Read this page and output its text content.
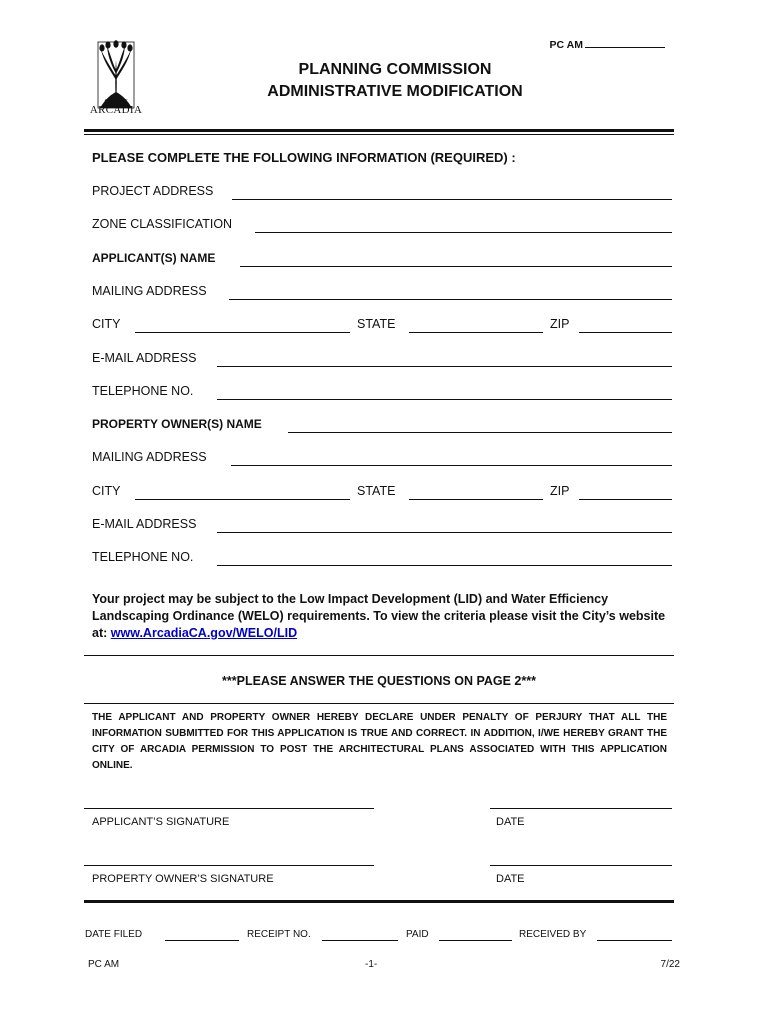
PC AM
CITY OF
ARCADIA
PLANNING COMMISSION
ADMINISTRATIVE MODIFICATION
PLEASE COMPLETE THE FOLLOWING INFORMATION (REQUIRED) :
PROJECT ADDRESS
ZONE CLASSIFICATION
APPLICANT(S) NAME
MAILING ADDRESS
CITY	STATE	ZIP
E-MAIL ADDRESS
TELEPHONE NO.
PROPERTY OWNER(S) NAME
MAILING ADDRESS
CITY	STATE	ZIP
E-MAIL ADDRESS
TELEPHONE NO.
Your project may be subject to the Low Impact Development (LID) and Water Efficiency Landscaping Ordinance (WELO) requirements. To view the criteria please visit the City’s website at: www.ArcadiaCA.gov/WELO/LID
***PLEASE ANSWER THE QUESTIONS ON PAGE 2***
THE APPLICANT AND PROPERTY OWNER HEREBY DECLARE UNDER PENALTY OF PERJURY THAT ALL THE INFORMATION SUBMITTED FOR THIS APPLICATION IS TRUE AND CORRECT. IN ADDITION, I/WE HEREBY GRANT THE CITY OF ARCADIA PERMISSION TO POST THE ARCHITECTURAL PLANS ASSOCIATED WITH THIS APPLICATION ONLINE.
APPLICANT’S SIGNATURE	DATE
PROPERTY OWNER’S SIGNATURE	DATE
DATE FILED	RECEIPT NO.	PAID	RECEIVED BY
PC AM	-1-	7/22
